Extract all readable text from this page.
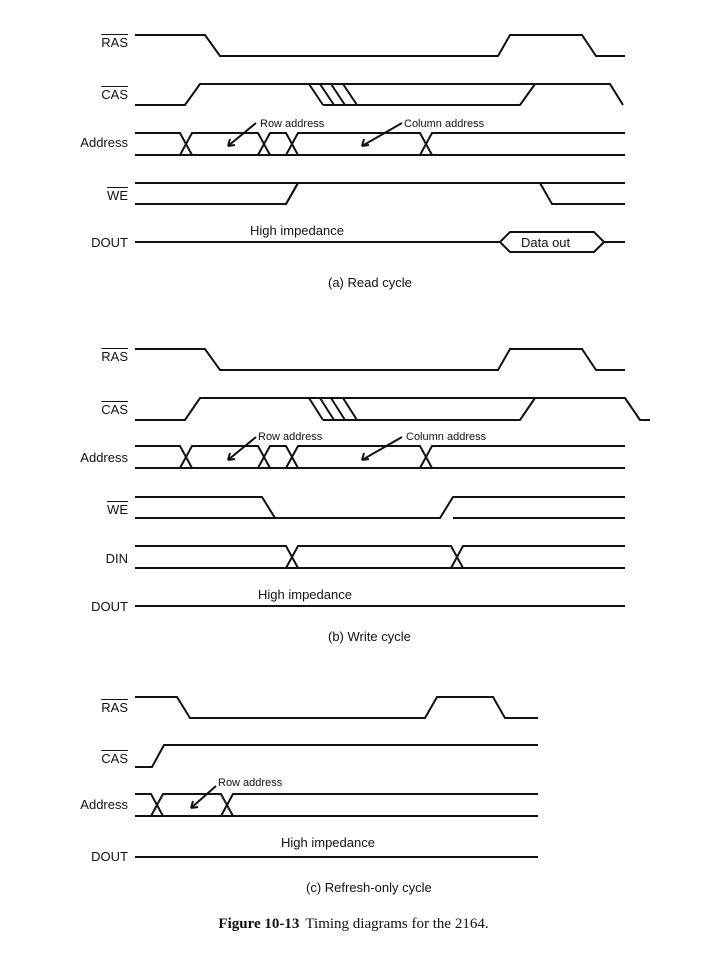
$\overline{RAS}$
$\overline{CAS}$
Address
$\overline{WE}$
DOUT
Row address	Column address
High impedance
Data out
(a) Read cycle
$\overline{RAS}$
$\overline{CAS}$
Address
$\overline{WE}$
DIN
DOUT
Row address	Column address
High impedance
(b) Write cycle
$\overline{RAS}$
$\overline{CAS}$
Address
DOUT
Row address
High impedance
(c) Refresh-only cycle
Figure 10-13 Timing diagrams for the 2164.
